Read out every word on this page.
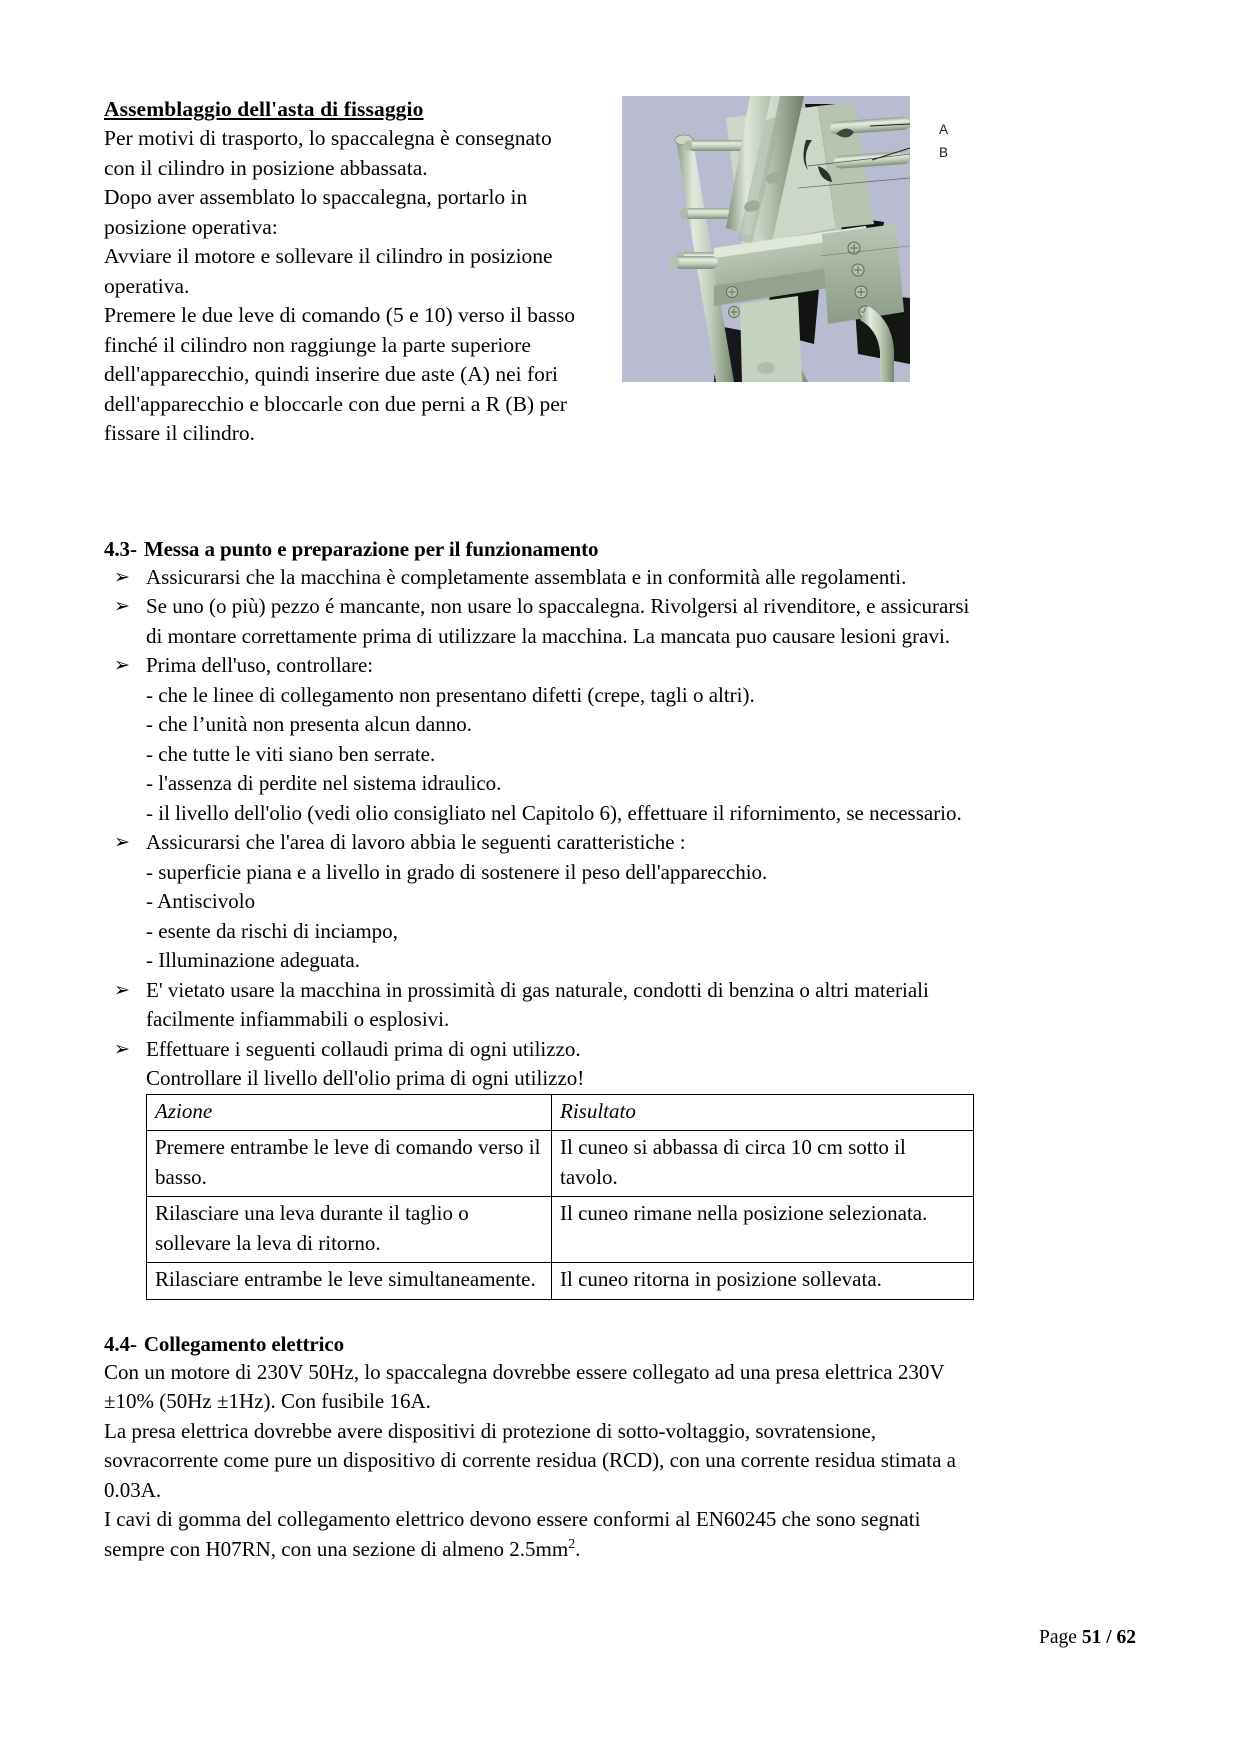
Assemblaggio dell'asta di fissaggio

Per motivi di trasporto, lo spaccalegna è consegnato

con il cilindro in posizione abbassata.

Dopo aver assemblato lo spaccalegna, portarlo in

posizione operativa:

Avviare il motore e sollevare il cilindro in posizione

operativa.

Premere le due leve di comando (5 e 10) verso il basso

finché il cilindro non raggiunge la parte superiore

dell'apparecchio, quindi inserire due aste (A) nei fori

dell'apparecchio e bloccarle con due perni a R (B) per

fissare il cilindro.

A
B
4.3- Messa a punto e preparazione per il funzionamento
➢ Assicurarsi che la macchina è completamente assemblata e in conformità alle regolamenti.
➢ Se uno (o più) pezzo é mancante, non usare lo spaccalegna. Rivolgersi al rivenditore, e assicurarsi
di montare correttamente prima di utilizzare la macchina. La mancata puo causare lesioni gravi.
➢ Prima dell'uso, controllare:
- che le linee di collegamento non presentano difetti (crepe, tagli o altri).
- che l’unità non presenta alcun danno.
- che tutte le viti siano ben serrate.
- l'assenza di perdite nel sistema idraulico.
- il livello dell'olio (vedi olio consigliato nel Capitolo 6), effettuare il rifornimento, se necessario.
➢ Assicurarsi che l'area di lavoro abbia le seguenti caratteristiche :
- superficie piana e a livello in grado di sostenere il peso dell'apparecchio.
- Antiscivolo
- esente da rischi di inciampo,
- Illuminazione adeguata.
➢ E' vietato usare la macchina in prossimità di gas naturale, condotti di benzina o altri materiali
facilmente infiammabili o esplosivi.
➢ Effettuare i seguenti collaudi prima di ogni utilizzo.
Controllare il livello dell'olio prima di ogni utilizzo!
Azione	Risultato
Premere entrambe le leve di comando verso il basso.	Il cuneo si abbassa di circa 10 cm sotto il tavolo.
Rilasciare una leva durante il taglio o sollevare la leva di ritorno.	Il cuneo rimane nella posizione selezionata.
Rilasciare entrambe le leve simultaneamente.	Il cuneo ritorna in posizione sollevata.
4.4- Collegamento elettrico

Con un motore di 230V 50Hz, lo spaccalegna dovrebbe essere collegato ad una presa elettrica 230V

±10% (50Hz ±1Hz). Con fusibile 16A.

La presa elettrica dovrebbe avere dispositivi di protezione di sotto-voltaggio, sovratensione,

sovracorrente come pure un dispositivo di corrente residua (RCD), con una corrente residua stimata a

0.03A.

I cavi di gomma del collegamento elettrico devono essere conformi al EN60245 che sono segnati

sempre con H07RN, con una sezione di almeno $2.5mm^2$.

Page 51 / 62
